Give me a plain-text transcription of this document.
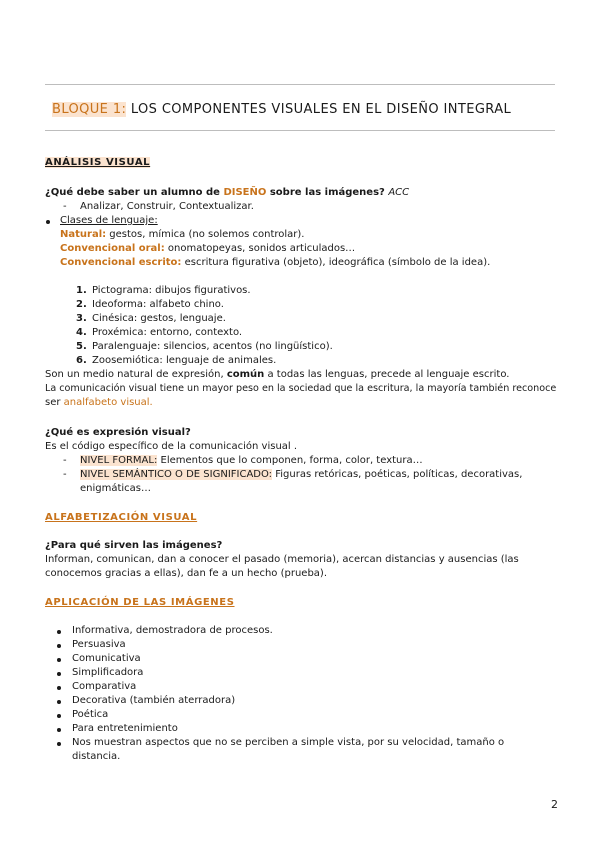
BLOQUE 1: LOS COMPONENTES VISUALES EN EL DISEÑO INTEGRAL
ANÁLISIS VISUAL
¿Qué debe saber un alumno de DISEÑO sobre las imágenes? ACC
- Analizar, Construir, Contextualizar.
Clases de lenguaje:
Natural: gestos, mímica (no solemos controlar).
Convencional oral: onomatopeyas, sonidos articulados…
Convencional escrito: escritura figurativa (objeto), ideográfica (símbolo de la idea).
1. Pictograma: dibujos figurativos.
2. Ideoforma: alfabeto chino.
3. Cinésica: gestos, lenguaje.
4. Proxémica: entorno, contexto.
5. Paralenguaje: silencios, acentos (no lingüístico).
6. Zoosemiótica: lenguaje de animales.
Son un medio natural de expresión, común a todas las lenguas, precede al lenguaje escrito.
La comunicación visual tiene un mayor peso en la sociedad que la escritura, la mayoría también reconoce
ser analfabeto visual.
¿Qué es expresión visual?
Es el código específico de la comunicación visual .
- NIVEL FORMAL: Elementos que lo componen, forma, color, textura…
- NIVEL SEMÁNTICO O DE SIGNIFICADO: Figuras retóricas, poéticas, políticas, decorativas,
enigmáticas…
ALFABETIZACIÓN VISUAL
¿Para qué sirven las imágenes?
Informan, comunican, dan a conocer el pasado (memoria), acercan distancias y ausencias (las
conocemos gracias a ellas), dan fe a un hecho (prueba).
APLICACIÓN DE LAS IMÁGENES
Informativa, demostradora de procesos.
Persuasiva
Comunicativa
Simplificadora
Comparativa
Decorativa (también aterradora)
Poética
Para entretenimiento
Nos muestran aspectos que no se perciben a simple vista, por su velocidad, tamaño o
distancia.
2
